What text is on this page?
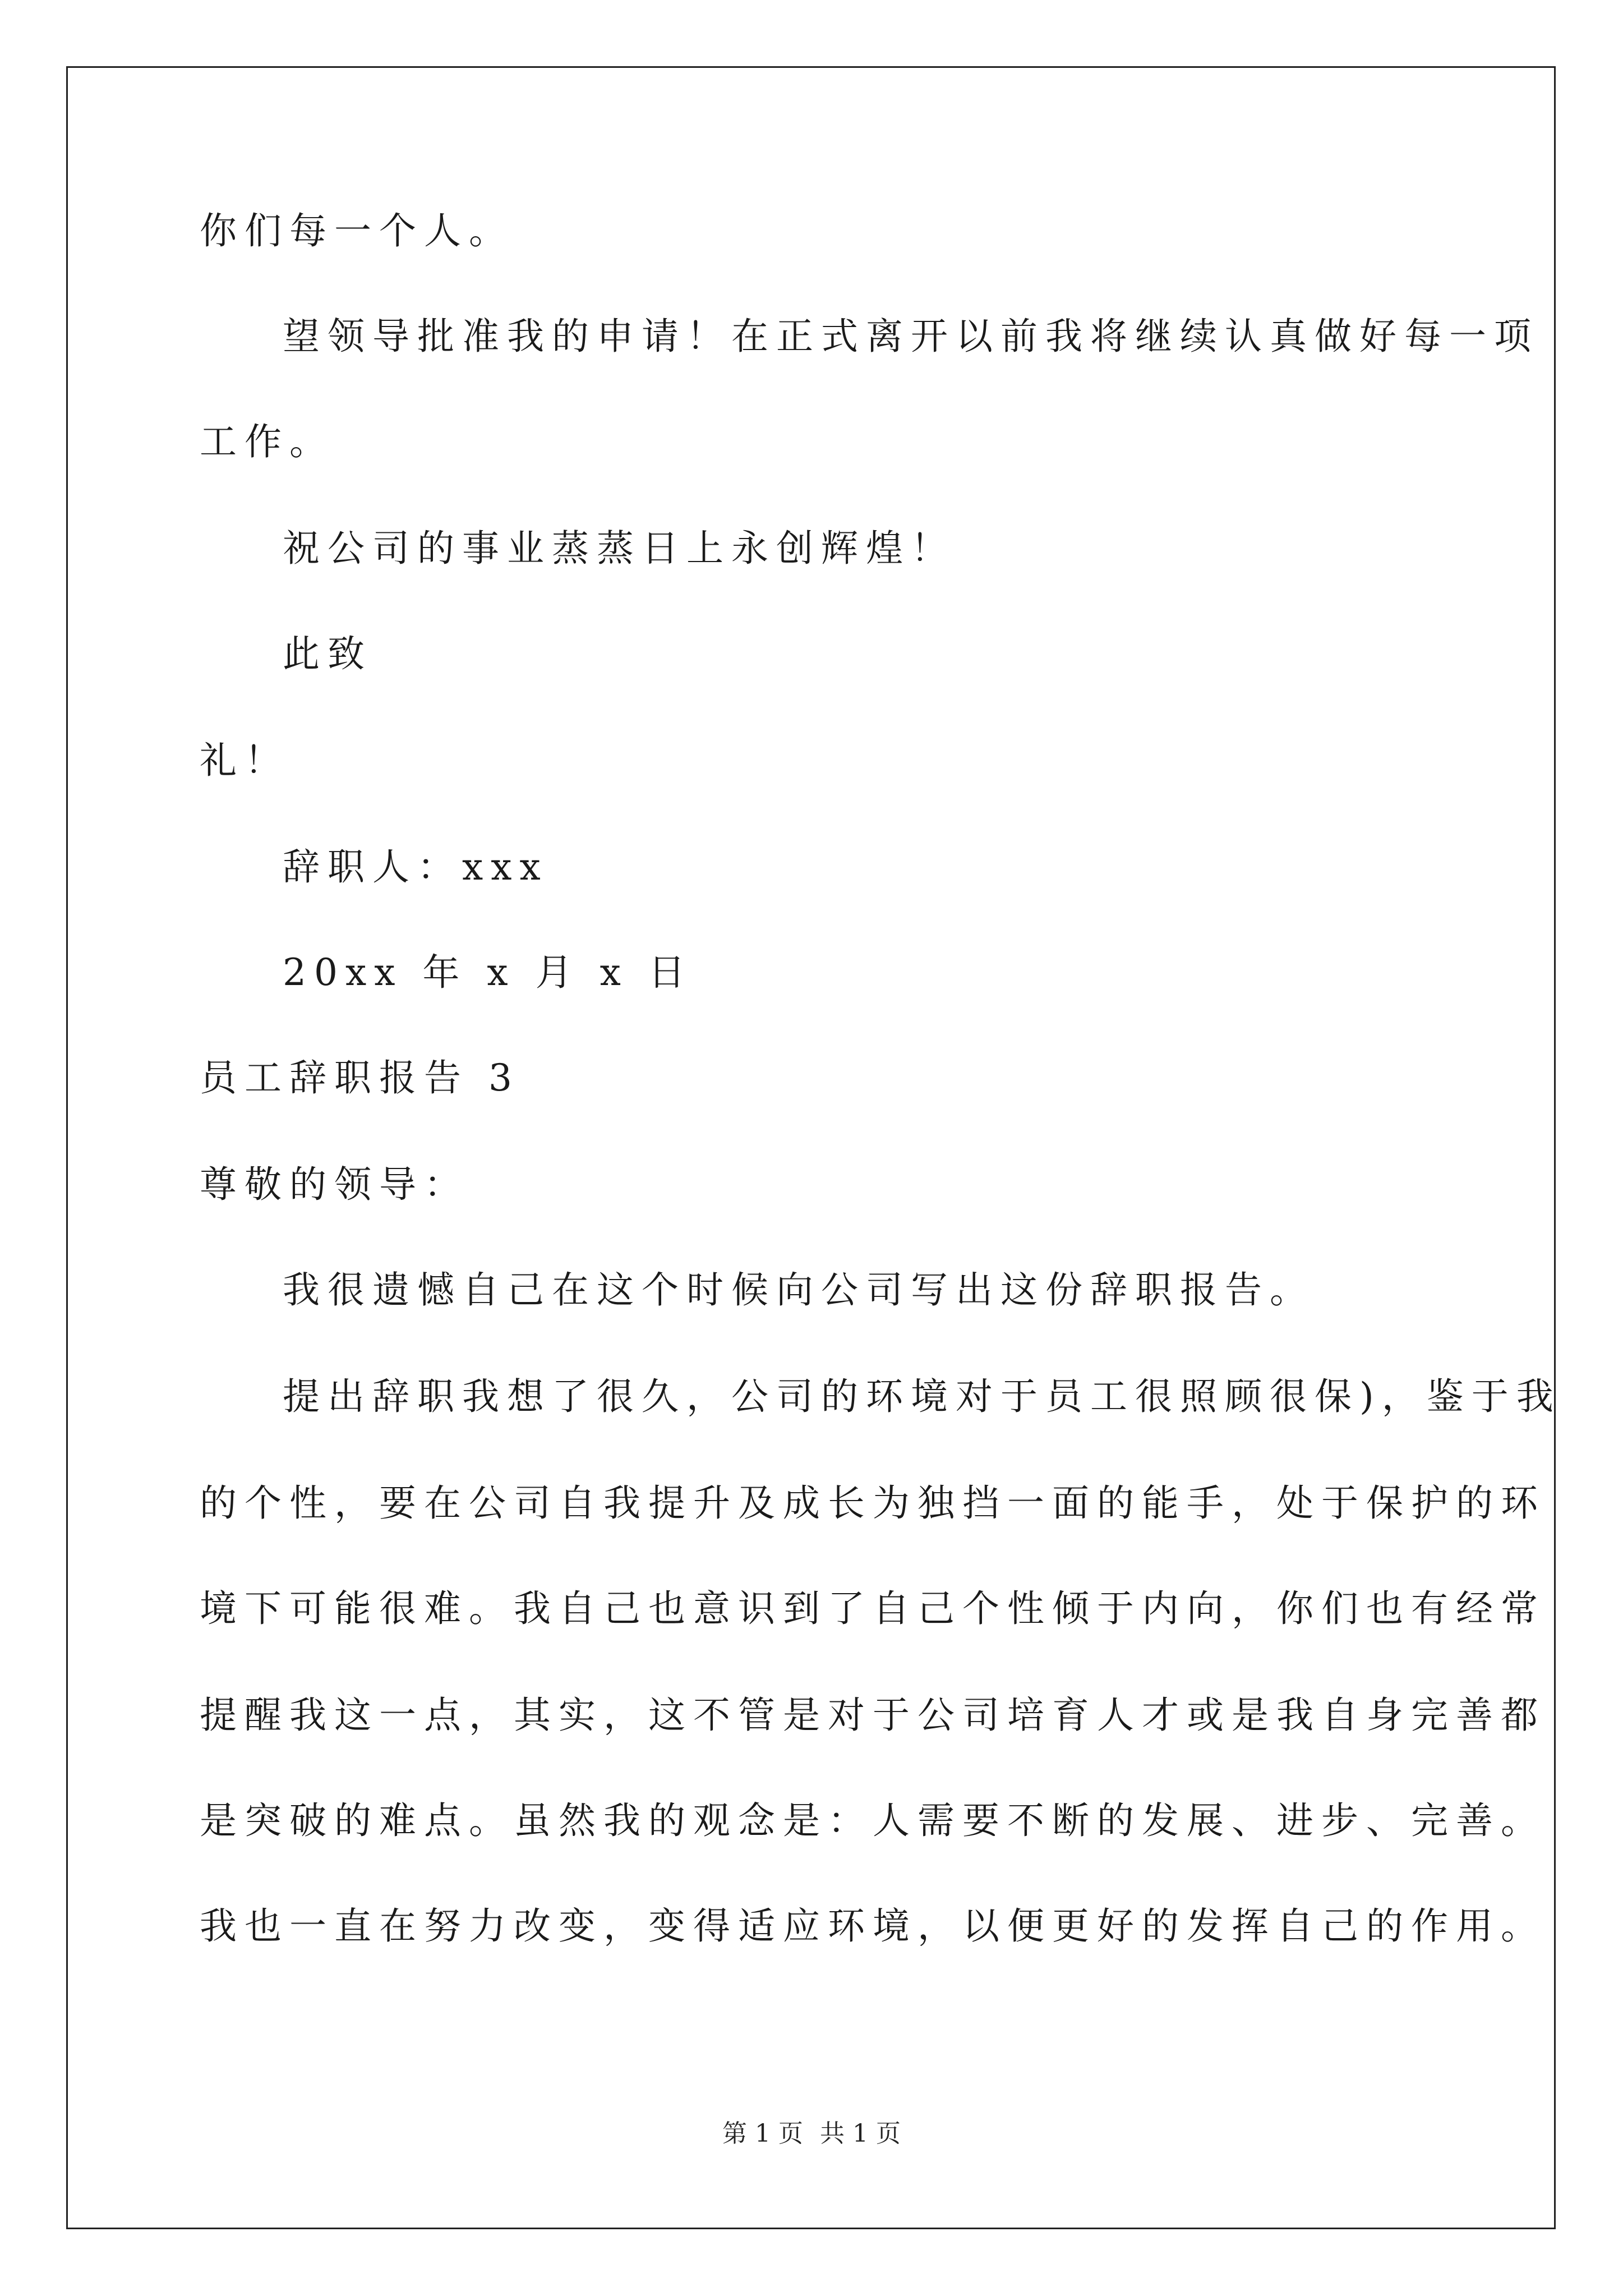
你们每一个人。
望领导批准我的申请！在正式离开以前我将继续认真做好每一项
工作。
祝公司的事业蒸蒸日上永创辉煌！
此致
礼！
辞职人：xxx
20xx 年 x 月 x 日
员工辞职报告 3
尊敬的领导：
我很遗憾自己在这个时候向公司写出这份辞职报告。
提出辞职我想了很久，公司的环境对于员工很照顾很保)，鉴于我
的个性，要在公司自我提升及成长为独挡一面的能手，处于保护的环
境下可能很难。我自己也意识到了自己个性倾于内向，你们也有经常
提醒我这一点，其实，这不管是对于公司培育人才或是我自身完善都
是突破的难点。虽然我的观念是：人需要不断的发展、进步、完善。
我也一直在努力改变，变得适应环境，以便更好的发挥自己的作用。
第 1 页 共 1 页
